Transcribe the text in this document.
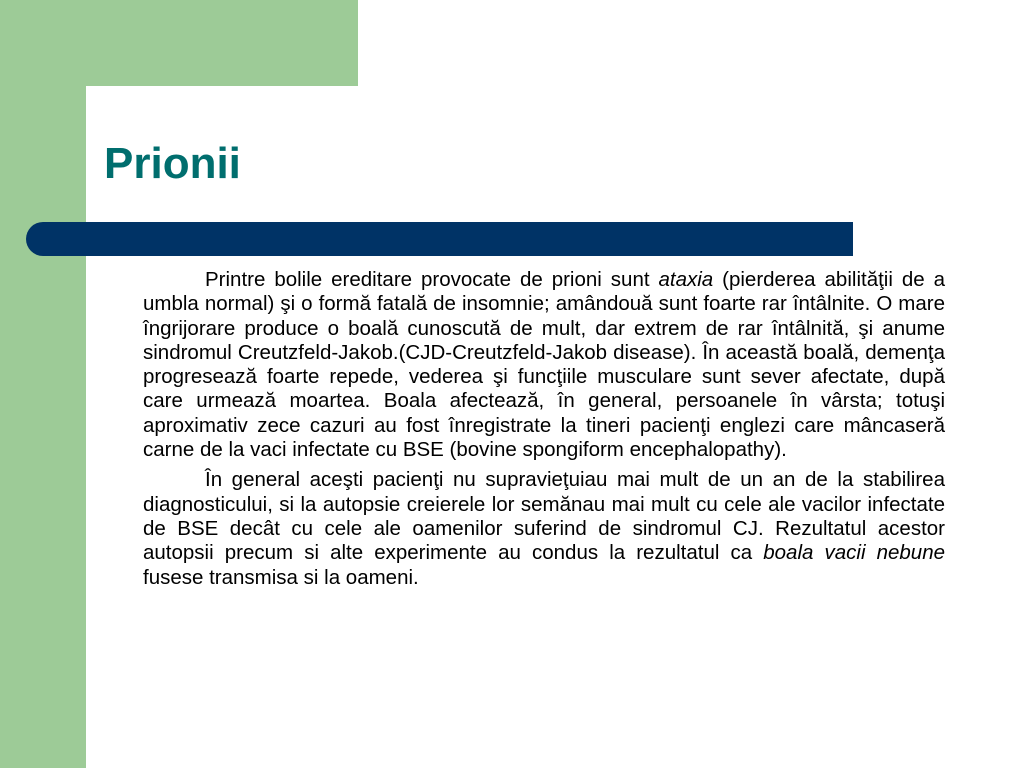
Prionii

Printre bolile ereditare provocate de prioni sunt ataxia (pierderea abilităţii de a umbla normal) şi o formă fatală de insomnie; amândouă sunt foarte rar întâlnite. O mare îngrijorare produce o boală cunoscută de mult, dar extrem de rar întâlnită, şi anume sindromul Creutzfeld-Jakob.(CJD-Creutzfeld-Jakob disease). În această boală, demenţa progresează foarte repede, vederea şi funcţiile musculare sunt sever afectate, după care urmează moartea. Boala afectează, în general, persoanele în vârsta; totuşi aproximativ zece cazuri au fost înregistrate la tineri pacienţi englezi care mâncaseră carne de la vaci infectate cu BSE (bovine spongiform encephalopathy).

În general aceşti pacienţi nu supravieţuiau mai mult de un an de la stabilirea diagnosticului, si la autopsie creierele lor semănau mai mult cu cele ale vacilor infectate de BSE decât cu cele ale oamenilor suferind de sindromul CJ. Rezultatul acestor autopsii precum si alte experimente au condus la rezultatul ca boala vacii nebune fusese transmisa si la oameni.
